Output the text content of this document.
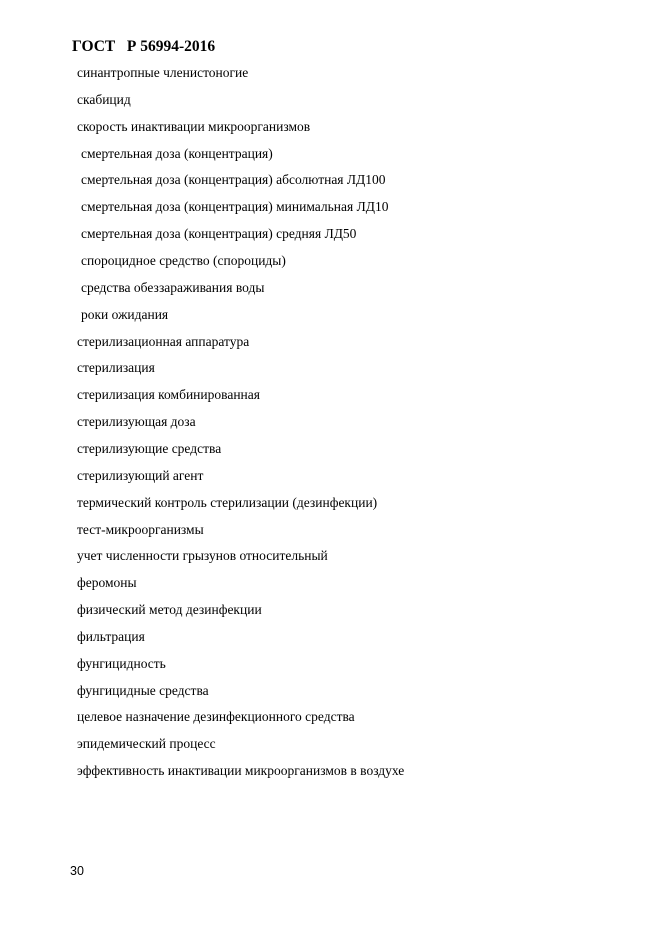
ГОСТ   Р 56994-2016
синантропные членистоногие
скабицид
скорость инактивации микроорганизмов
смертельная доза (концентрация)
смертельная доза (концентрация) абсолютная ЛД100
смертельная доза (концентрация) минимальная ЛД10
смертельная доза (концентрация) средняя ЛД50
спороцидное средство (спороциды)
средства обеззараживания воды
роки ожидания
стерилизационная аппаратура
стерилизация
стерилизация комбинированная
стерилизующая доза
стерилизующие средства
стерилизующий агент
термический контроль стерилизации (дезинфекции)
тест-микроорганизмы
учет численности грызунов относительный
феромоны
физический метод дезинфекции
фильтрация
фунгицидность
фунгицидные средства
целевое назначение дезинфекционного средства
эпидемический процесс
эффективность инактивации микроорганизмов в воздухе
30
